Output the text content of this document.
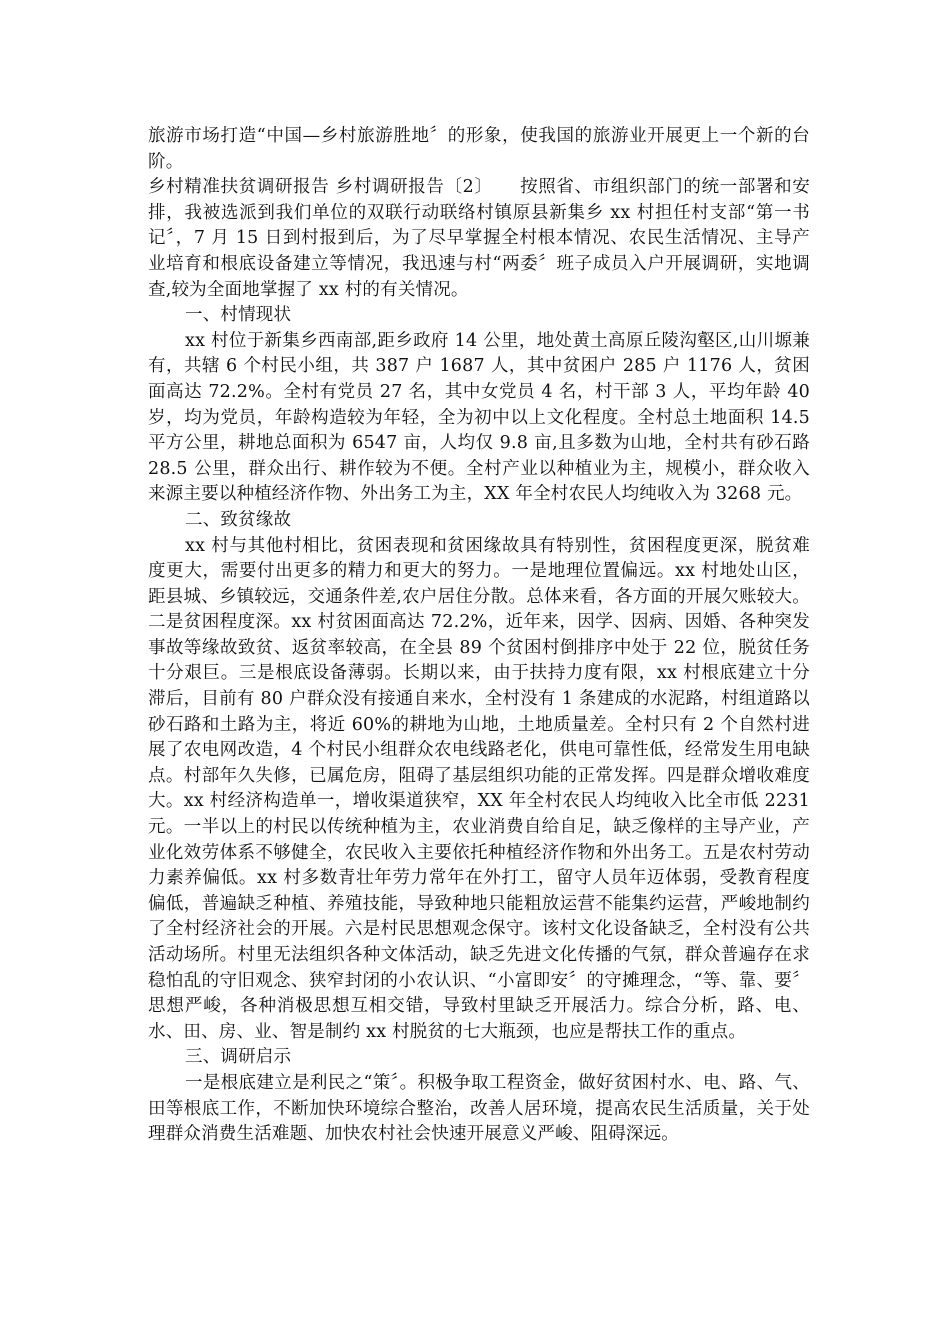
旅游市场打造“中国—乡村旅游胜地〞的形象，使我国的旅游业开展更上一个新的台阶。

乡村精准扶贫调研报告 乡村调研报告〔2〕　　按照省、市组织部门的统一部署和安排，我被选派到我们单位的双联行动联络村镇原县新集乡 xx 村担任村支部“第一书记〞，7 月 15 日到村报到后，为了尽早掌握全村根本情况、农民生活情况、主导产业培育和根底设备建立等情况，我迅速与村“两委〞班子成员入户开展调研，实地调查,较为全面地掌握了 xx 村的有关情况。

一、村情现状

xx 村位于新集乡西南部,距乡政府 14 公里，地处黄土高原丘陵沟壑区,山川塬兼有，共辖 6 个村民小组，共 387 户 1687 人，其中贫困户 285 户 1176 人，贫困面高达 72.2%。全村有党员 27 名，其中女党员 4 名，村干部 3 人，平均年龄 40 岁，均为党员，年龄构造较为年轻，全为初中以上文化程度。全村总土地面积 14.5 平方公里，耕地总面积为 6547 亩，人均仅 9.8 亩,且多数为山地，全村共有砂石路 28.5 公里，群众出行、耕作较为不便。全村产业以种植业为主，规模小，群众收入来源主要以种植经济作物、外出务工为主，XX 年全村农民人均纯收入为 3268 元。

二、致贫缘故

xx 村与其他村相比，贫困表现和贫困缘故具有特别性，贫困程度更深，脱贫难度更大，需要付出更多的精力和更大的努力。一是地理位置偏远。xx 村地处山区，距县城、乡镇较远，交通条件差,农户居住分散。总体来看，各方面的开展欠账较大。二是贫困程度深。xx 村贫困面高达 72.2%，近年来，因学、因病、因婚、各种突发事故等缘故致贫、返贫率较高，在全县 89 个贫困村倒排序中处于 22 位，脱贫任务十分艰巨。三是根底设备薄弱。长期以来，由于扶持力度有限，xx 村根底建立十分滞后，目前有 80 户群众没有接通自来水，全村没有 1 条建成的水泥路，村组道路以砂石路和土路为主，将近 60%的耕地为山地，土地质量差。全村只有 2 个自然村进展了农电网改造，4 个村民小组群众农电线路老化，供电可靠性低，经常发生用电缺点。村部年久失修，已属危房，阻碍了基层组织功能的正常发挥。四是群众增收难度大。xx 村经济构造单一，增收渠道狭窄，XX 年全村农民人均纯收入比全市低 2231 元。一半以上的村民以传统种植为主，农业消费自给自足，缺乏像样的主导产业，产业化效劳体系不够健全，农民收入主要依托种植经济作物和外出务工。五是农村劳动力素养偏低。xx 村多数青壮年劳力常年在外打工，留守人员年迈体弱，受教育程度偏低，普遍缺乏种植、养殖技能，导致种地只能粗放运营不能集约运营，严峻地制约了全村经济社会的开展。六是村民思想观念保守。该村文化设备缺乏，全村没有公共活动场所。村里无法组织各种文体活动，缺乏先进文化传播的气氛，群众普遍存在求稳怕乱的守旧观念、狭窄封闭的小农认识、“小富即安〞的守摊理念，“等、靠、要〞思想严峻，各种消极思想互相交错，导致村里缺乏开展活力。综合分析，路、电、水、田、房、业、智是制约 xx 村脱贫的七大瓶颈，也应是帮扶工作的重点。

三、调研启示

一是根底建立是利民之“策〞。积极争取工程资金，做好贫困村水、电、路、气、田等根底工作，不断加快环境综合整治，改善人居环境，提高农民生活质量，关于处理群众消费生活难题、加快农村社会快速开展意义严峻、阻碍深远。
